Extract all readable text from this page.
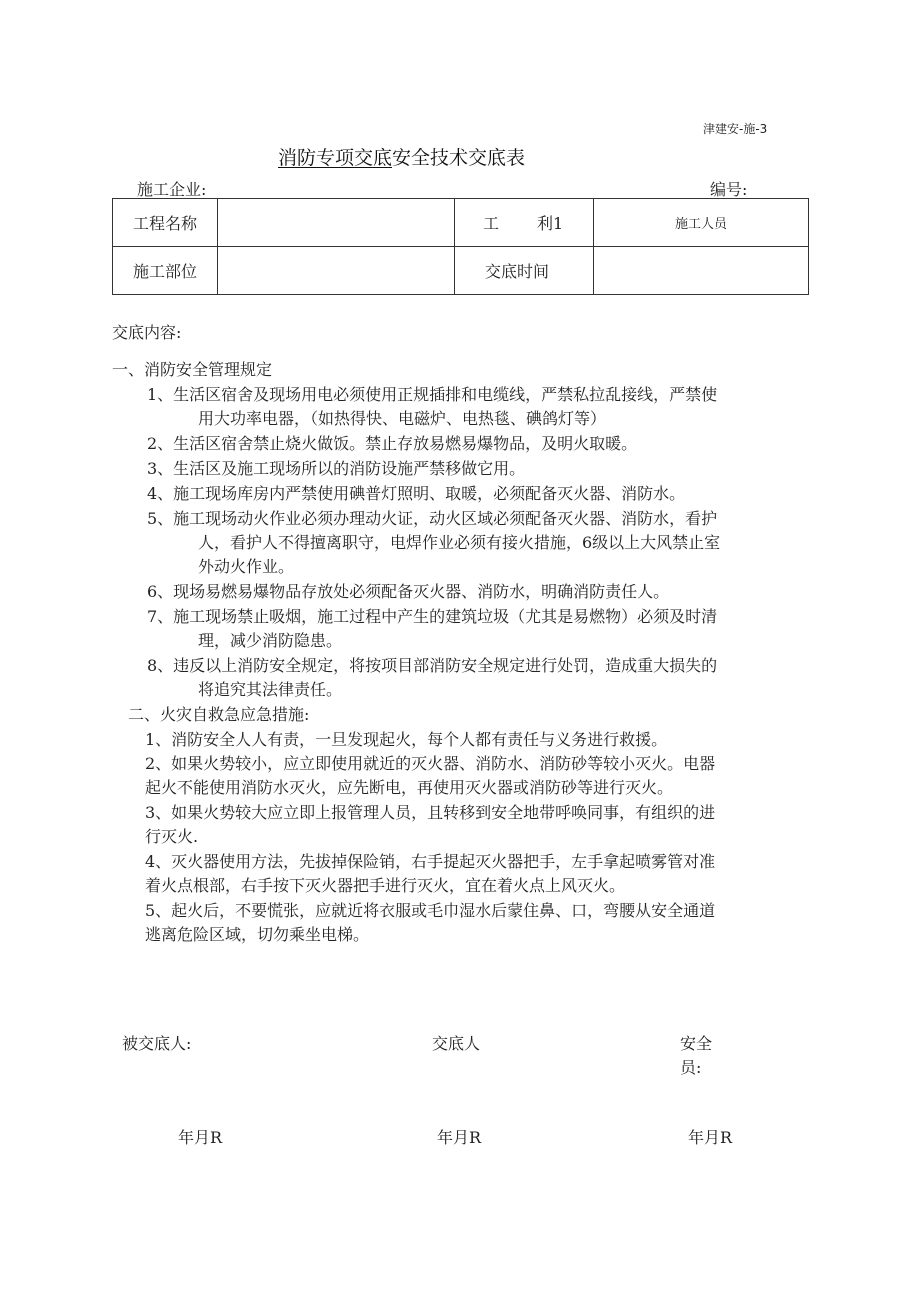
津建安-施-3
消防专项交底安全技术交底表
施工企业:	编号:
工程名称		工 利1	施工人员
施工部位		交底时间	
交底内容:
一、消防安全管理规定
1、生活区宿舍及现场用电必须使用正规插排和电缆线，严禁私拉乱接线，严禁使
用大功率电器，（如热得快、电磁炉、电热毯、碘鸽灯等）
2、生活区宿舍禁止烧火做饭。禁止存放易燃易爆物品，及明火取暖。
3、生活区及施工现场所以的消防设施严禁移做它用。
4、施工现场库房内严禁使用碘普灯照明、取暖，必须配备灭火器、消防水。
5、施工现场动火作业必须办理动火证，动火区域必须配备灭火器、消防水，看护
人，看护人不得擅离职守，电焊作业必须有接火措施，6级以上大风禁止室
外动火作业。
6、现场易燃易爆物品存放处必须配备灭火器、消防水，明确消防责任人。
7、施工现场禁止吸烟，施工过程中产生的建筑垃圾（尤其是易燃物）必须及时清
理，减少消防隐患。
8、违反以上消防安全规定，将按项目部消防安全规定进行处罚，造成重大损失的
将追究其法律责任。
二、火灾自救急应急措施:
1、消防安全人人有责，一旦发现起火，每个人都有责任与义务进行救援。
2、如果火势较小，应立即使用就近的灭火器、消防水、消防砂等较小灭火。电器
起火不能使用消防水灭火，应先断电，再使用灭火器或消防砂等进行灭火。
3、如果火势较大应立即上报管理人员，且转移到安全地带呼唤同事，有组织的进
行灭火.
4、灭火器使用方法，先拔掉保险销，右手提起灭火器把手，左手拿起喷雾管对准
着火点根部，右手按下灭火器把手进行灭火，宜在着火点上风灭火。
5、起火后，不要慌张，应就近将衣服或毛巾湿水后蒙住鼻、口，弯腰从安全通道
逃离危险区域，切勿乘坐电梯。
被交底人:	交底人	安全
员:
年月R	年月R	年月R
